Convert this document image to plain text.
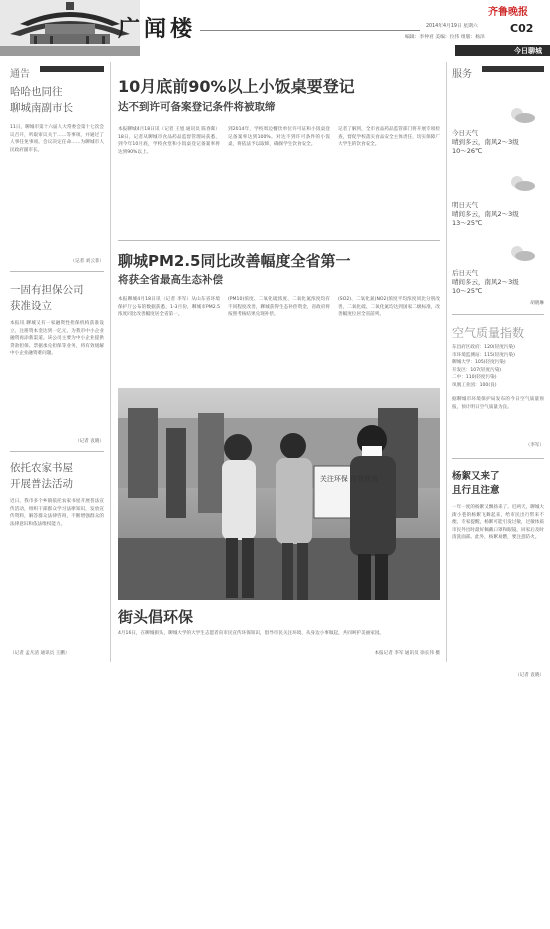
广闻楼
齐鲁晚报
2014年4月19日 星期六	C02
编辑：李仲君 美编：位伟 组版：杨泽
今日聊城
通告
哈哈也同往
聊城南副市长
11日，聊城市第十六届人大常委会第十七次会议召开，听取审议关于……等事项，并通过了人事任免事项。会议决定任命……为聊城市人民政府副市长。
（记者 刘云菲）
一固有担保公司
获准设立
本报讯 聊城又有一家融资性担保机构获准设立，注册资本金达到一亿元，为我市中小企业融资再添新渠道。该公司主要为中小企业提供贷款担保、票据承兑担保等业务，将有效缓解中小企业融资难问题。
（记者 袁晓）
依托农家书屋
开展普法活动
近日，我市多个乡镇依托农家书屋开展普法宣传活动，组织干部群众学习法律知识，发放宣传资料，解答群众法律咨询，不断增强群众的法律意识和依法维权能力。
（记者 孟凡清 通讯员 王鹏）
10月底前90%以上小饭桌要登记
达不到许可备案登记条件将被取缔
本报聊城4月18日讯（记者 王旭 通讯员 陈春晖）18日，记者从聊城市食品药品监督管理局获悉，到今年10月底，学校食堂和小饭桌登记备案率将达到90%以上。
到2014年，学校周边餐饮单位许可证和小饭桌登记备案率达到100%。对达不到许可条件的小饭桌，将依法予以取缔，确保学生饮食安全。
记者了解到，全市食品药品监管部门将开展专项检查，督促学校落实食品安全主体责任，切实保障广大学生的饮食安全。
聊城PM2.5同比改善幅度全省第一
将获全省最高生态补偿
本报聊城4月18日讯（记者 李军）从山东省环境保护厅公布的数据获悉，1-3月份，聊城市PM2.5浓度同比改善幅度居全省第一。
(PM10)浓度、二氧化硫浓度、二氧化氮浓度均有不同程度改善，聊城获得生态补偿资金，省政府将按照考核结果兑现补偿。
(SO2)、二氧化氮(NO2)浓度平均浓度同比分别改善，二氧化硫、二氧化氮均达到国家二级标准，改善幅度位居全省前列。
关注环保 你我健康
街头倡环保
4月16日，在聊城街头，聊城大学的大学生志愿者向市民宣传环保知识，倡导市民关注环境，从身边小事做起，共同呵护美丽家园。
本报记者 李军 通讯员 徐长伟 摄
服务
今日天气
晴到多云，南风2～3级
10～26℃
明日天气
晴间多云，南风2～3级
13～25℃
后日天气
晴间多云，南风2～3级
10～25℃
胡晓琳
空气质量指数
东昌府区政府：120(轻度污染)
市环境监测站：115(轻度污染)
聊城大学：105(轻度污染)
开发区：107(轻度污染)
二中：110(轻度污染)
凤凰工业园：100(良)
据聊城市环境保护局发布的今日空气质量预报，预计明日空气质量为良。
（李军）
杨絮又来了
且行且注意
一年一度的杨絮又飘扬来了。近两天，聊城大街小巷的杨絮飞舞起来，给市民出行带来不便。专家提醒，杨絮可能引发过敏，过敏体质市民外出时最好佩戴口罩和眼镜，回家后及时清洗面部。此外，杨絮易燃，要注意防火。
（记者 袁晓）
